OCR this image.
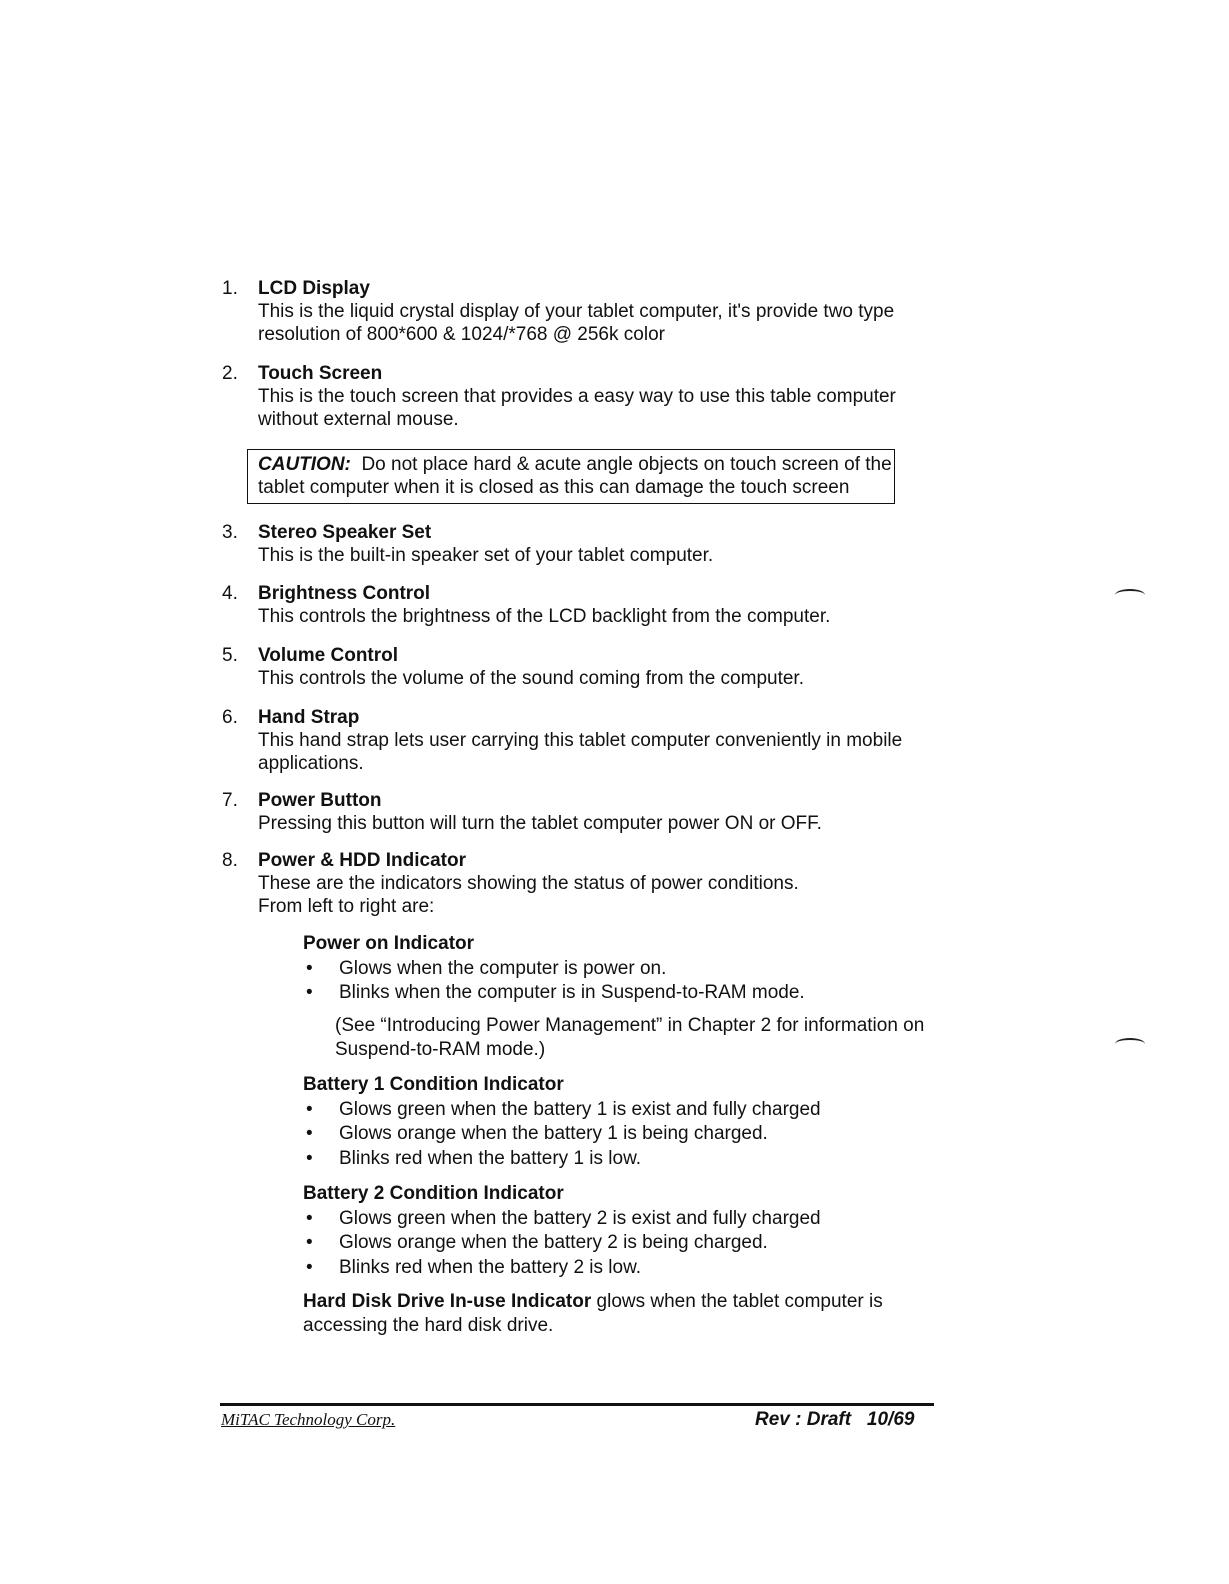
1.	LCD Display
This is the liquid crystal display of your tablet computer, it's provide two type resolution of 800*600 & 1024/*768 @ 256k color
2.	Touch Screen
This is the touch screen that provides a easy way to use this table computer without external mouse.
CAUTION: Do not place hard & acute angle objects on touch screen of the tablet computer when it is closed as this can damage the touch screen
3.	Stereo Speaker Set
This is the built-in speaker set of your tablet computer.
4.	Brightness Control
This controls the brightness of the LCD backlight from the computer.
5.	Volume Control
This controls the volume of the sound coming from the computer.
6.	Hand Strap
This hand strap lets user carrying this tablet computer conveniently in mobile applications.
7.	Power Button
Pressing this button will turn the tablet computer power ON or OFF.
8.	Power & HDD Indicator
These are the indicators showing the status of power conditions.
From left to right are:
Power on Indicator
• Glows when the computer is power on.
• Blinks when the computer is in Suspend-to-RAM mode.
(See “Introducing Power Management” in Chapter 2 for information on Suspend-to-RAM mode.)
Battery 1 Condition Indicator
• Glows green when the battery 1 is exist and fully charged
• Glows orange when the battery 1 is being charged.
• Blinks red when the battery 1 is low.
Battery 2 Condition Indicator
• Glows green when the battery 2 is exist and fully charged
• Glows orange when the battery 2 is being charged.
• Blinks red when the battery 2 is low.
Hard Disk Drive In-use Indicator glows when the tablet computer is accessing the hard disk drive.
MiTAC Technology Corp.	Rev : Draft 10/69
